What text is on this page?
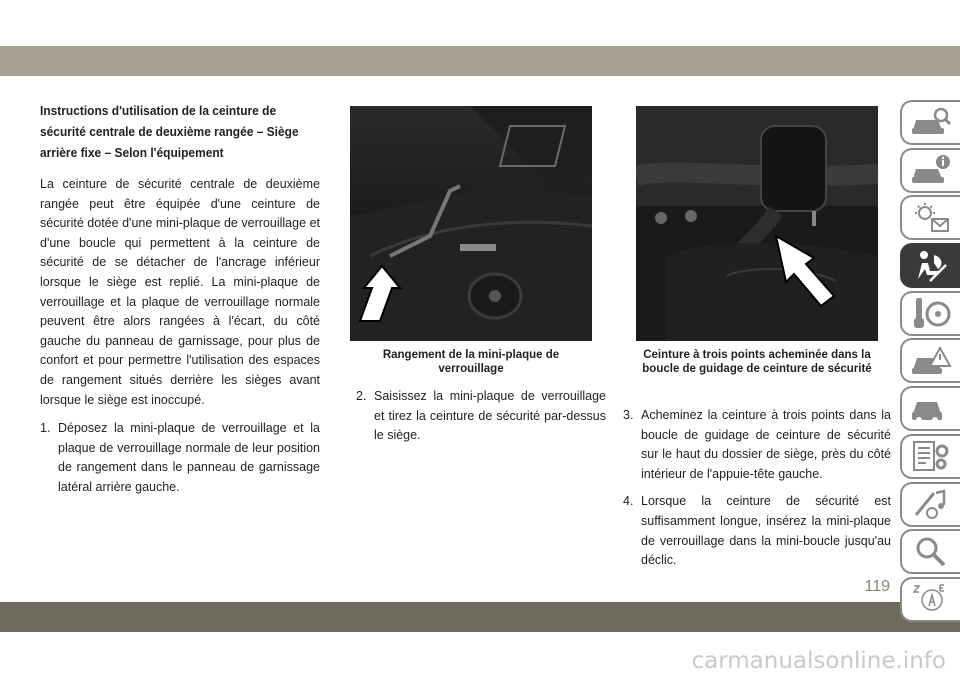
Instructions d'utilisation de la ceinture de sécurité centrale de deuxième rangée – Siège arrière fixe – Selon l'équipement

La ceinture de sécurité centrale de deuxième rangée peut être équipée d'une ceinture de sécurité dotée d'une mini-plaque de verrouillage et d'une boucle qui permettent à la ceinture de sécurité de se détacher de l'ancrage inférieur lorsque le siège est replié. La mini-plaque de verrouillage et la plaque de verrouillage normale peuvent être alors rangées à l'écart, du côté gauche du panneau de garnissage, pour plus de confort et pour permettre l'utilisation des espaces de rangement situés derrière les sièges avant lorsque le siège est inoccupé.

1. Déposez la mini-plaque de verrouillage et la plaque de verrouillage normale de leur position de rangement dans le panneau de garnissage latéral arrière gauche.
Rangement de la mini-plaque de verrouillage
Ceinture à trois points acheminée dans la boucle de guidage de ceinture de sécurité
2. Saisissez la mini-plaque de verrouillage et tirez la ceinture de sécurité par-dessus le siège.
3. Acheminez la ceinture à trois points dans la boucle de guidage de ceinture de sécurité sur le haut du dossier de siège, près du côté intérieur de l'appuie-tête gauche.
4. Lorsque la ceinture de sécurité est suffisamment longue, insérez la mini-plaque de verrouillage dans la mini-boucle jusqu'au déclic.
119
carmanualsonline.info
